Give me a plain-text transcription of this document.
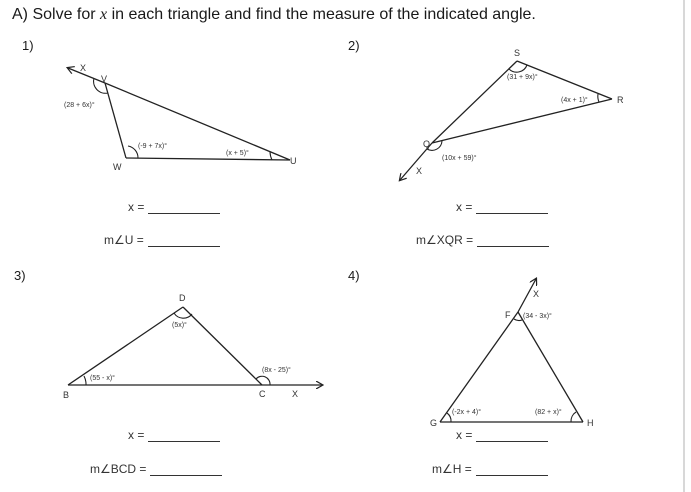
A) Solve for x in each triangle and find the measure of the indicated angle.
1)	2)
3)	4)
X
V
W
U
(28 + 6x)°
(-9 + 7x)°
(x + 5)°
S
R
Q
X
(31 + 9x)°
(4x + 1)°
(10x + 59)°
D
B	C	X
(5x)°
(55 - x)°
(8x - 25)°
X
F
G	H
(34 - 3x)°
(-2x + 4)°	(82 + x)°
x =
m∠U =
x =
m∠XQR =
x =
m∠BCD =
x =
m∠H =
